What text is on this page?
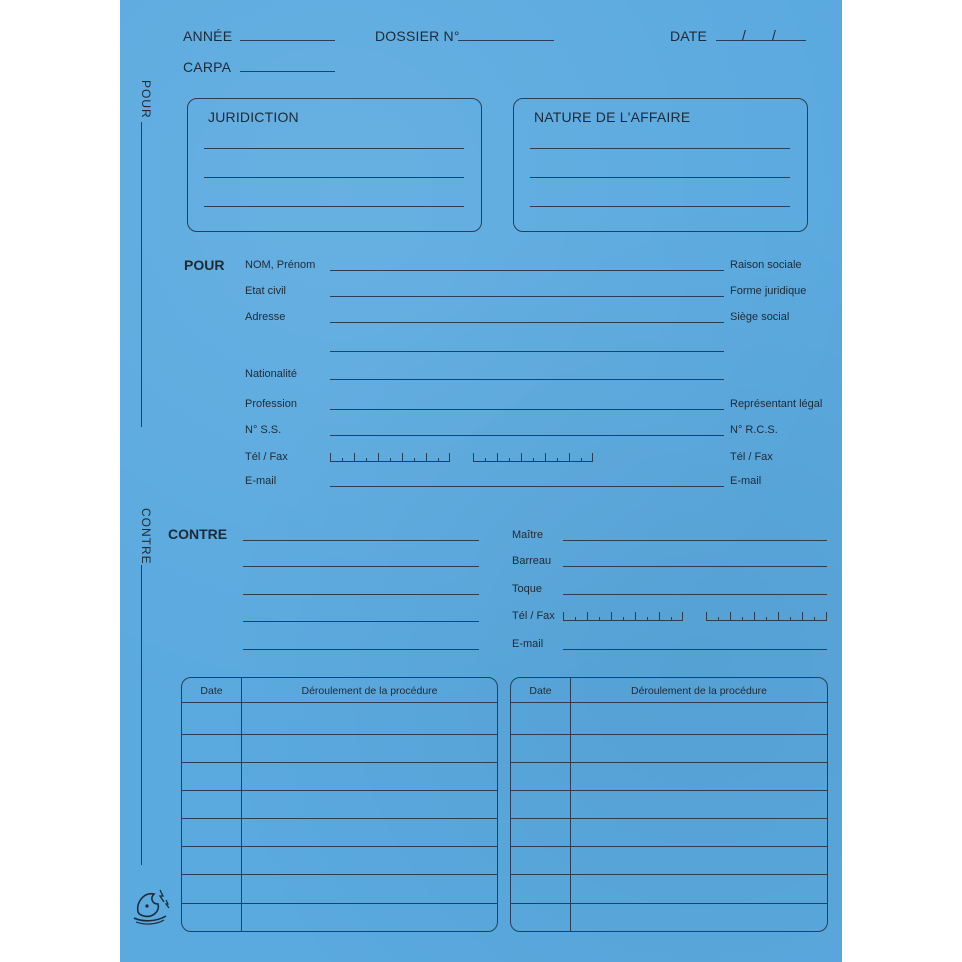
POUR
CONTRE
ANNÉE	DOSSIER N°	DATE / /
CARPA
JURIDICTION	NATURE DE L'AFFAIRE
POUR NOM, Prénom	Raison sociale
Etat civil	Forme juridique
Adresse	Siège social
Nationalité
Profession	Représentant légal
N° S.S.	N° R.C.S.
Tél / Fax	Tél / Fax
E-mail	E-mail
CONTRE	Maître
Barreau
Toque
Tél / Fax
E-mail
Date	Déroulement de la procédure	Date	Déroulement de la procédure
